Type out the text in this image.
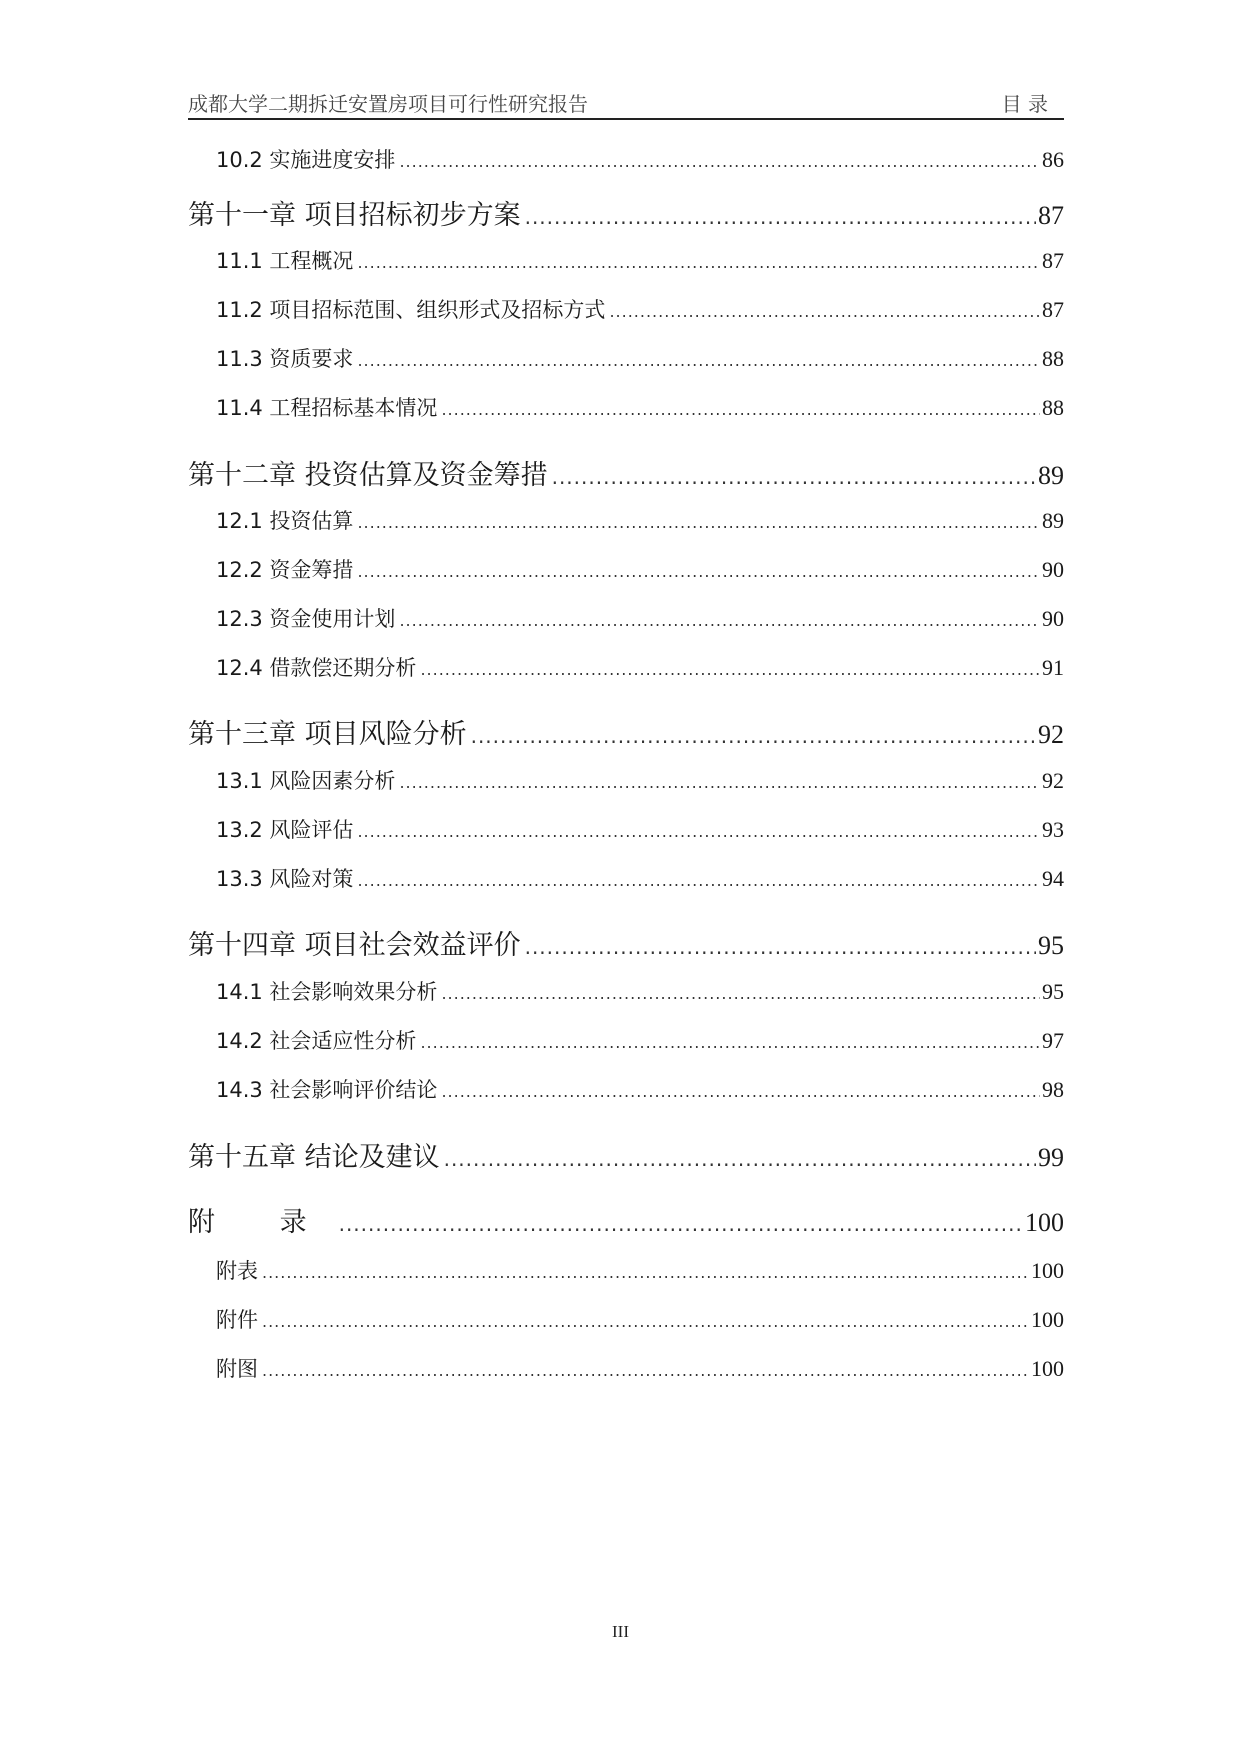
成都大学二期拆迁安置房项目可行性研究报告	目 录
10.2 实施进度安排 .....	86
第十一章 项目招标初步方案 .....	87
11.1 工程概况 .....	87
11.2 项目招标范围、组织形式及招标方式 .....	87
11.3 资质要求 .....	88
11.4 工程招标基本情况 .....	88
第十二章 投资估算及资金筹措 .....	89
12.1 投资估算 .....	89
12.2 资金筹措 .....	90
12.3 资金使用计划 .....	90
12.4 借款偿还期分析 .....	91
第十三章 项目风险分析 .....	92
13.1 风险因素分析 .....	92
13.2 风险评估 .....	93
13.3 风险对策 .....	94
第十四章 项目社会效益评价 .....	95
14.1 社会影响效果分析 .....	95
14.2 社会适应性分析 .....	97
14.3 社会影响评价结论 .....	98
第十五章 结论及建议 .....	99
附 录 .....	100
附表 .....	100
附件 .....	100
附图 .....	100
III
